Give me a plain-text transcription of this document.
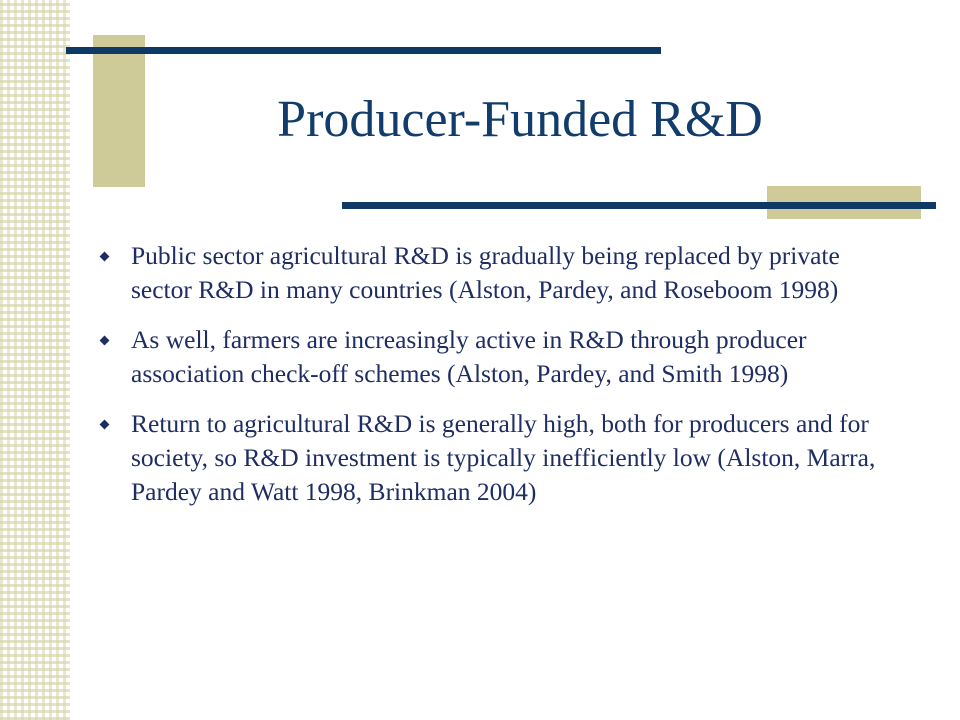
Producer-Funded R&D
Public sector agricultural R&D is gradually being replaced by private sector R&D in many countries (Alston, Pardey, and Roseboom 1998)
As well, farmers are increasingly active in R&D through producer association check-off schemes (Alston, Pardey, and Smith 1998)
Return to agricultural R&D is generally high, both for producers and for society, so R&D investment is typically inefficiently low (Alston, Marra, Pardey and Watt 1998, Brinkman 2004)
